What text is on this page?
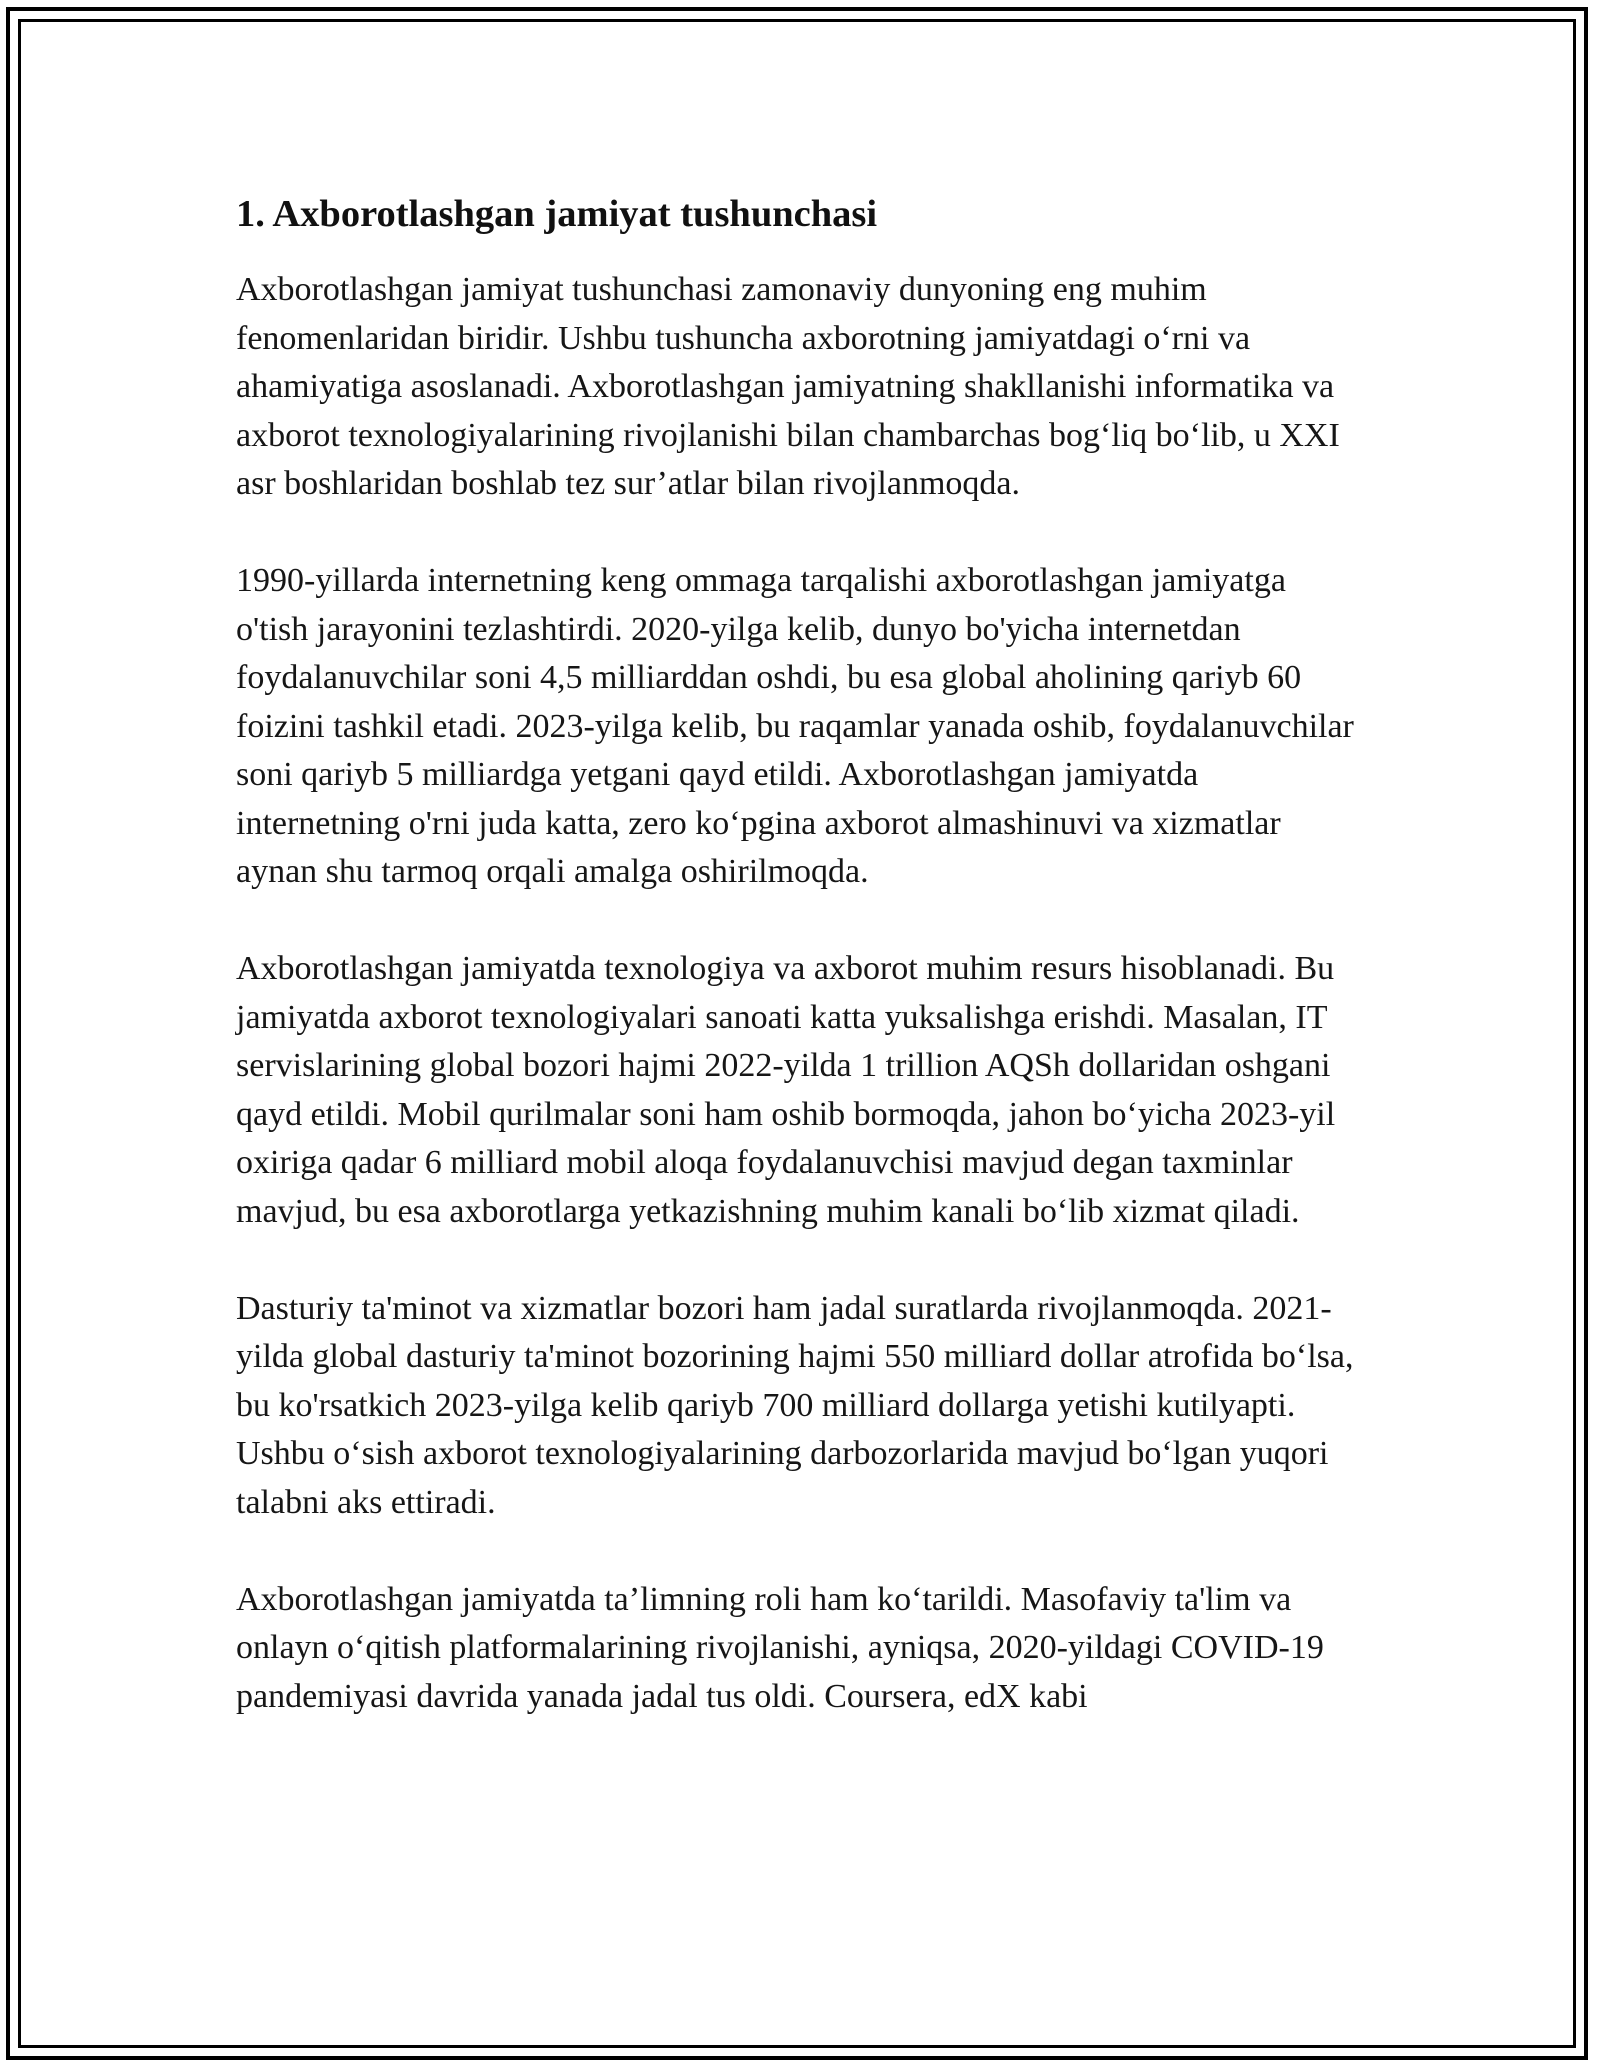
1. Axborotlashgan jamiyat tushunchasi

Axborotlashgan jamiyat tushunchasi zamonaviy dunyoning eng muhim fenomenlaridan biridir. Ushbu tushuncha axborotning jamiyatdagi o‘rni va ahamiyatiga asoslanadi. Axborotlashgan jamiyatning shakllanishi informatika va axborot texnologiyalarining rivojlanishi bilan chambarchas bog‘liq bo‘lib, u XXI asr boshlaridan boshlab tez sur’atlar bilan rivojlanmoqda.

1990-yillarda internetning keng ommaga tarqalishi axborotlashgan jamiyatga o'tish jarayonini tezlashtirdi. 2020-yilga kelib, dunyo bo'yicha internetdan foydalanuvchilar soni 4,5 milliarddan oshdi, bu esa global aholining qariyb 60 foizini tashkil etadi. 2023-yilga kelib, bu raqamlar yanada oshib, foydalanuvchilar soni qariyb 5 milliardga yetgani qayd etildi. Axborotlashgan jamiyatda internetning o'rni juda katta, zero ko‘pgina axborot almashinuvi va xizmatlar aynan shu tarmoq orqali amalga oshirilmoqda.

Axborotlashgan jamiyatda texnologiya va axborot muhim resurs hisoblanadi. Bu jamiyatda axborot texnologiyalari sanoati katta yuksalishga erishdi. Masalan, IT servislarining global bozori hajmi 2022-yilda 1 trillion AQSh dollaridan oshgani qayd etildi. Mobil qurilmalar soni ham oshib bormoqda, jahon bo‘yicha 2023-yil oxiriga qadar 6 milliard mobil aloqa foydalanuvchisi mavjud degan taxminlar mavjud, bu esa axborotlarga yetkazishning muhim kanali bo‘lib xizmat qiladi.

Dasturiy ta'minot va xizmatlar bozori ham jadal suratlarda rivojlanmoqda. 2021-yilda global dasturiy ta'minot bozorining hajmi 550 milliard dollar atrofida bo‘lsa, bu ko'rsatkich 2023-yilga kelib qariyb 700 milliard dollarga yetishi kutilyapti. Ushbu o‘sish axborot texnologiyalarining darbozorlarida mavjud bo‘lgan yuqori talabni aks ettiradi.

Axborotlashgan jamiyatda ta’limning roli ham ko‘tarildi. Masofaviy ta'lim va onlayn o‘qitish platformalarining rivojlanishi, ayniqsa, 2020-yildagi COVID-19 pandemiyasi davrida yanada jadal tus oldi. Coursera, edX kabi
